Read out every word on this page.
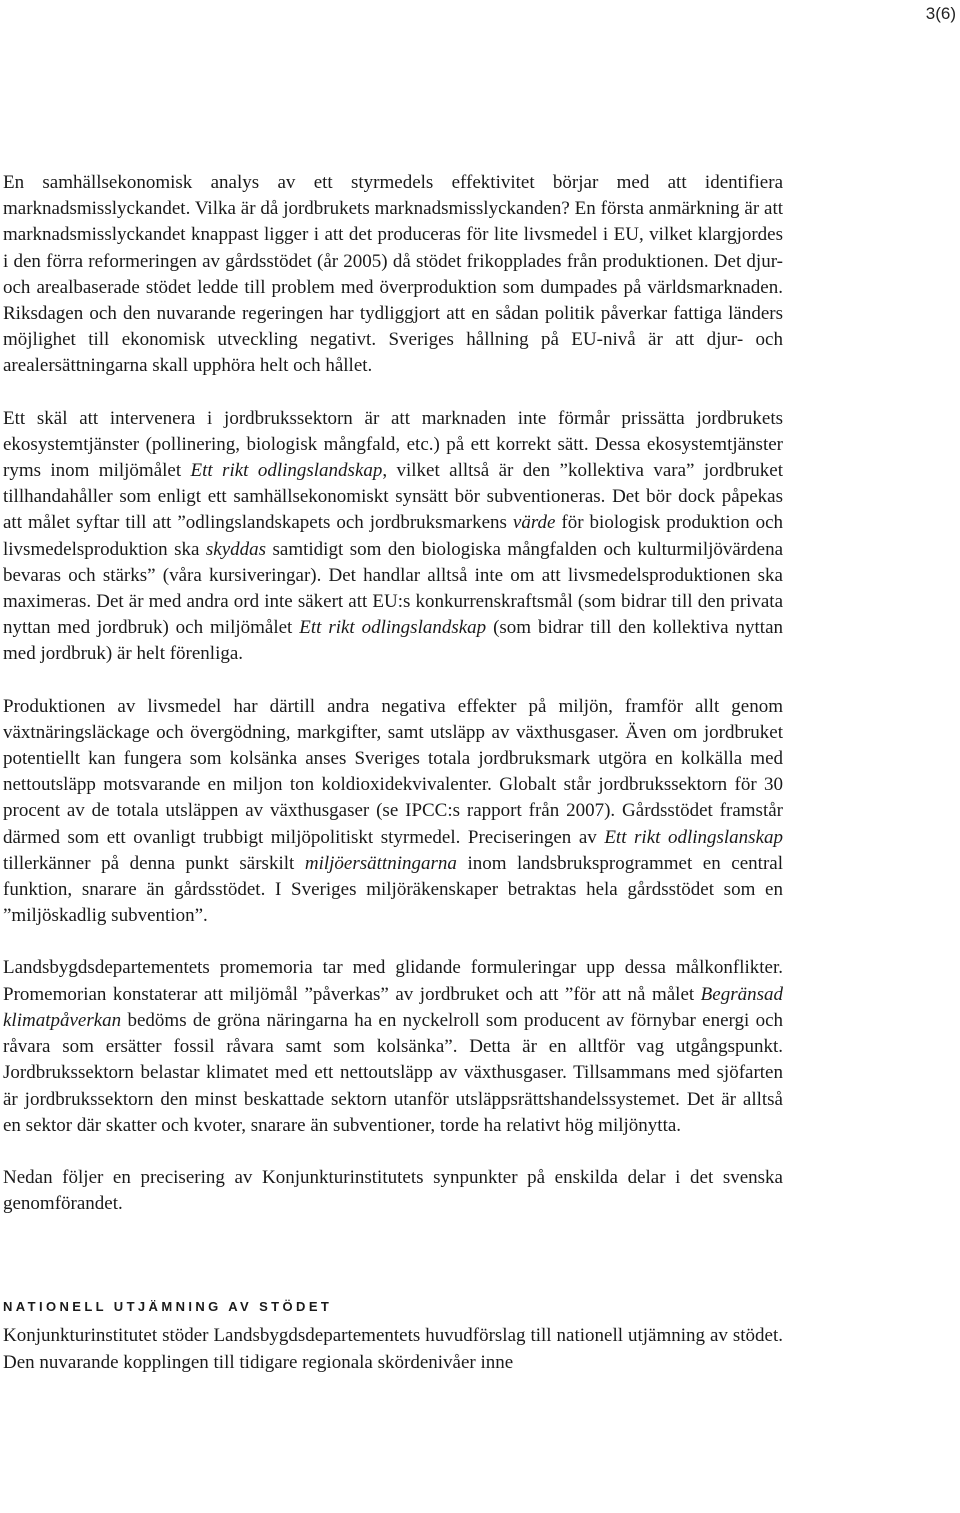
3(6)

En samhällsekonomisk analys av ett styrmedels effektivitet börjar med att identifiera marknadsmisslyckandet. Vilka är då jordbrukets marknadsmisslyckanden? En första anmärkning är att marknadsmisslyckandet knappast ligger i att det produceras för lite livsmedel i EU, vilket klargjordes i den förra reformeringen av gårdsstödet (år 2005) då stödet frikopplades från produktionen. Det djur- och arealbaserade stödet ledde till problem med överproduktion som dumpades på världsmarknaden. Riksdagen och den nuvarande regeringen har tydliggjort att en sådan politik påverkar fattiga länders möjlighet till ekonomisk utveckling negativt. Sveriges hållning på EU-nivå är att djur- och arealersättningarna skall upphöra helt och hållet.

Ett skäl att intervenera i jordbrukssektorn är att marknaden inte förmår prissätta jordbrukets ekosystemtjänster (pollinering, biologisk mångfald, etc.) på ett korrekt sätt. Dessa ekosystemtjänster ryms inom miljömålet Ett rikt odlingslandskap, vilket alltså är den ”kollektiva vara” jordbruket tillhandahåller som enligt ett samhällsekonomiskt synsätt bör subventioneras. Det bör dock påpekas att målet syftar till att ”odlingslandskapets och jordbruksmarkens värde för biologisk produktion och livsmedelsproduktion ska skyddas samtidigt som den biologiska mångfalden och kulturmiljövärdena bevaras och stärks” (våra kursiveringar). Det handlar alltså inte om att livsmedelsproduktionen ska maximeras. Det är med andra ord inte säkert att EU:s konkurrenskraftsmål (som bidrar till den privata nyttan med jordbruk) och miljömålet Ett rikt odlingslandskap (som bidrar till den kollektiva nyttan med jordbruk) är helt förenliga.

Produktionen av livsmedel har därtill andra negativa effekter på miljön, framför allt genom växtnäringsläckage och övergödning, markgifter, samt utsläpp av växthusgaser. Även om jordbruket potentiellt kan fungera som kolsänka anses Sveriges totala jordbruksmark utgöra en kolkälla med nettoutsläpp motsvarande en miljon ton koldioxidekvivalenter. Globalt står jordbrukssektorn för 30 procent av de totala utsläppen av växthusgaser (se IPCC:s rapport från 2007). Gårdsstödet framstår därmed som ett ovanligt trubbigt miljöpolitiskt styrmedel. Preciseringen av Ett rikt odlingslanskap tillerkänner på denna punkt särskilt miljöersättningarna inom landsbruksprogrammet en central funktion, snarare än gårdsstödet. I Sveriges miljöräkenskaper betraktas hela gårdsstödet som en ”miljöskadlig subvention”.

Landsbygdsdepartementets promemoria tar med glidande formuleringar upp dessa målkonflikter. Promemorian konstaterar att miljömål ”påverkas” av jordbruket och att ”för att nå målet Begränsad klimatpåverkan bedöms de gröna näringarna ha en nyckelroll som producent av förnybar energi och råvara som ersätter fossil råvara samt som kolsänka”. Detta är en alltför vag utgångspunkt. Jordbrukssektorn belastar klimatet med ett nettoutsläpp av växthusgaser. Tillsammans med sjöfarten är jordbrukssektorn den minst beskattade sektorn utanför utsläppsrättshandelssystemet. Det är alltså en sektor där skatter och kvoter, snarare än subventioner, torde ha relativt hög miljönytta.

Nedan följer en precisering av Konjunkturinstitutets synpunkter på enskilda delar i det svenska genomförandet.

NATIONELL UTJÄMNING AV STÖDET

Konjunkturinstitutet stöder Landsbygdsdepartementets huvudförslag till nationell utjämning av stödet. Den nuvarande kopplingen till tidigare regionala skördenivåer inne
